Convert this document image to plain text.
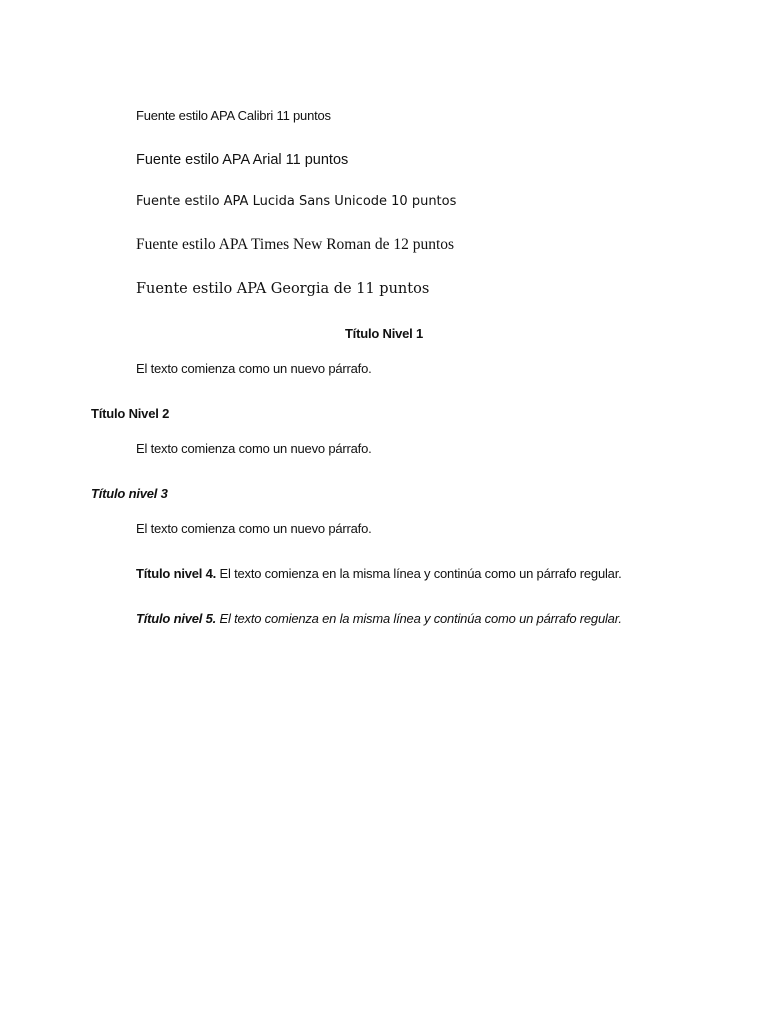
Fuente estilo APA Calibri 11 puntos

Fuente estilo APA Arial 11 puntos

Fuente estilo APA Lucida Sans Unicode 10 puntos

Fuente estilo APA Times New Roman de 12 puntos

Fuente estilo APA Georgia de 11 puntos

Título Nivel 1

El texto comienza como un nuevo párrafo.

Título Nivel 2

El texto comienza como un nuevo párrafo.

Título nivel 3

El texto comienza como un nuevo párrafo.

Título nivel 4. El texto comienza en la misma línea y continúa como un párrafo regular.

Título nivel 5. El texto comienza en la misma línea y continúa como un párrafo regular.
